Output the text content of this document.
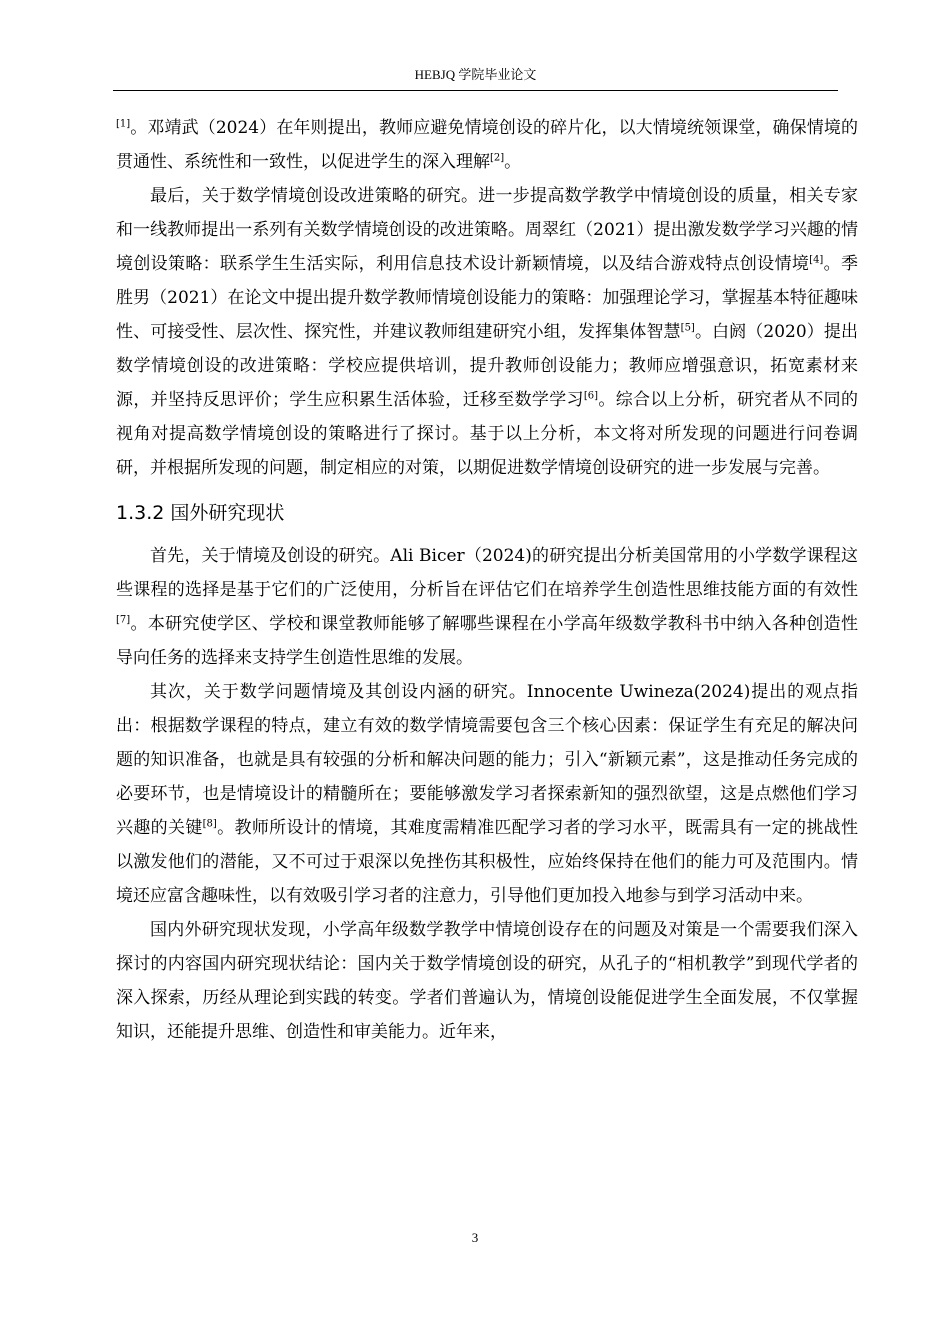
HEBJQ 学院毕业论文

[1]。邓靖武（2024）在年则提出，教师应避免情境创设的碎片化，以大情境统领课堂，确保情境的贯通性、系统性和一致性，以促进学生的深入理解[2]。

最后，关于数学情境创设改进策略的研究。进一步提高数学教学中情境创设的质量，相关专家和一线教师提出一系列有关数学情境创设的改进策略。周翠红（2021）提出激发数学学习兴趣的情境创设策略：联系学生生活实际，利用信息技术设计新颖情境，以及结合游戏特点创设情境[4]。季胜男（2021）在论文中提出提升数学教师情境创设能力的策略：加强理论学习，掌握基本特征趣味性、可接受性、层次性、探究性，并建议教师组建研究小组，发挥集体智慧[5]。白阏（2020）提出数学情境创设的改进策略：学校应提供培训，提升教师创设能力；教师应增强意识，拓宽素材来源，并坚持反思评价；学生应积累生活体验，迁移至数学学习[6]。综合以上分析，研究者从不同的视角对提高数学情境创设的策略进行了探讨。基于以上分析，本文将对所发现的问题进行问卷调研，并根据所发现的问题，制定相应的对策，以期促进数学情境创设研究的进一步发展与完善。

1.3.2 国外研究现状

首先，关于情境及创设的研究。Ali Bicer（2024)的研究提出分析美国常用的小学数学课程这些课程的选择是基于它们的广泛使用，分析旨在评估它们在培养学生创造性思维技能方面的有效性[7]。本研究使学区、学校和课堂教师能够了解哪些课程在小学高年级数学教科书中纳入各种创造性导向任务的选择来支持学生创造性思维的发展。

其次，关于数学问题情境及其创设内涵的研究。Innocente Uwineza(2024)提出的观点指出：根据数学课程的特点，建立有效的数学情境需要包含三个核心因素：保证学生有充足的解决问题的知识准备，也就是具有较强的分析和解决问题的能力；引入“新颖元素”，这是推动任务完成的必要环节，也是情境设计的精髓所在；要能够激发学习者探索新知的强烈欲望，这是点燃他们学习兴趣的关键[8]。教师所设计的情境，其难度需精准匹配学习者的学习水平，既需具有一定的挑战性以激发他们的潜能，又不可过于艰深以免挫伤其积极性，应始终保持在他们的能力可及范围内。情境还应富含趣味性，以有效吸引学习者的注意力，引导他们更加投入地参与到学习活动中来。

国内外研究现状发现，小学高年级数学教学中情境创设存在的问题及对策是一个需要我们深入探讨的内容国内研究现状结论：国内关于数学情境创设的研究，从孔子的“相机教学”到现代学者的深入探索，历经从理论到实践的转变。学者们普遍认为，情境创设能促进学生全面发展，不仅掌握知识，还能提升思维、创造性和审美能力。近年来，

3
